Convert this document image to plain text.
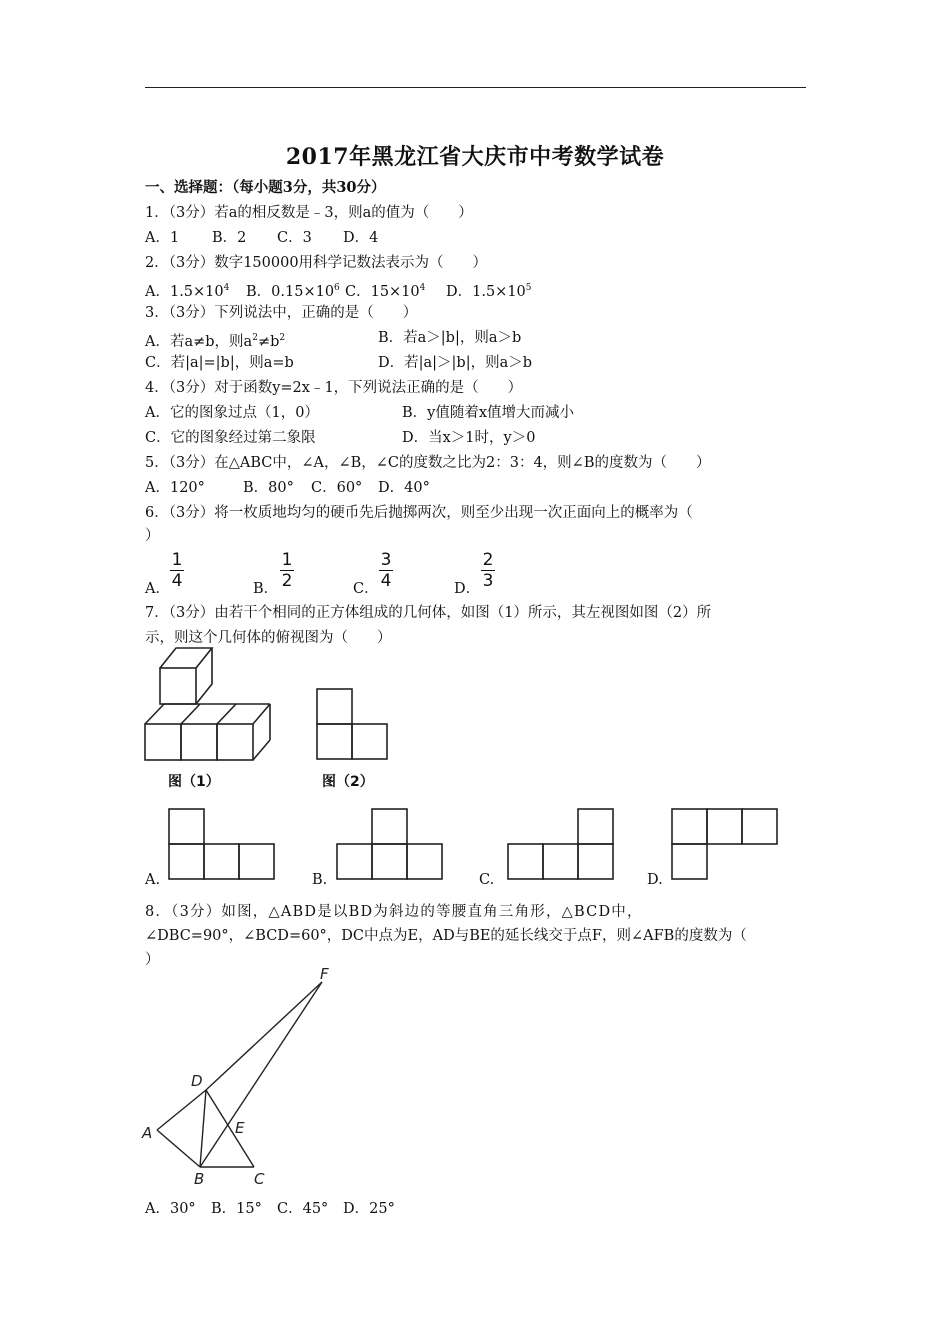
2017年黑龙江省大庆市中考数学试卷
一、选择题：（每小题3分，共30分）
1．（3分）若a的相反数是﹣3，则a的值为（　　）
A．1 B．2 C．3 D．4
2．（3分）数字150000用科学记数法表示为（　　）
A．$1.5\times 10^4$ B．$0.15\times 10^6$ C．$15\times 10^4$ D．$1.5\times 10^5$
3．（3分）下列说法中，正确的是（　　）
A．若a≠b，则$a^2\ne b^2$	B．若a＞|b|，则a＞b
C．若|a|=|b|，则a=b	D．若|a|＞|b|，则a＞b
4．（3分）对于函数y=2x﹣1，下列说法正确的是（　　）
A．它的图象过点（1，0）	B．y值随着x值增大而减小
C．它的图象经过第二象限	D．当x＞1时，y＞0
5．（3分）在△ABC中，∠A，∠B，∠C的度数之比为2：3：4，则∠B的度数为（　　）
A．120°	B．80° C．60° D．40°
6．（3分）将一枚质地均匀的硬币先后抛掷两次，则至少出现一次正面向上的概率为（
）
A．
1
4	B．
1
2	C．
3
4	D．
2
3
7．（3分）由若干个相同的正方体组成的几何体，如图（1）所示，其左视图如图（2）所
示，则这个几何体的俯视图为（　　）
图（1）	图（2）
A.	B.	C.	D.
8．（3分）如图，△ABD是以BD为斜边的等腰直角三角形，△BCD中，
∠DBC=90°，∠BCD=60°，DC中点为E，AD与BE的延长线交于点F，则∠AFB的度数为（
）
F
D
A	E
B	C
A．30° B．15° C．45° D．25°
